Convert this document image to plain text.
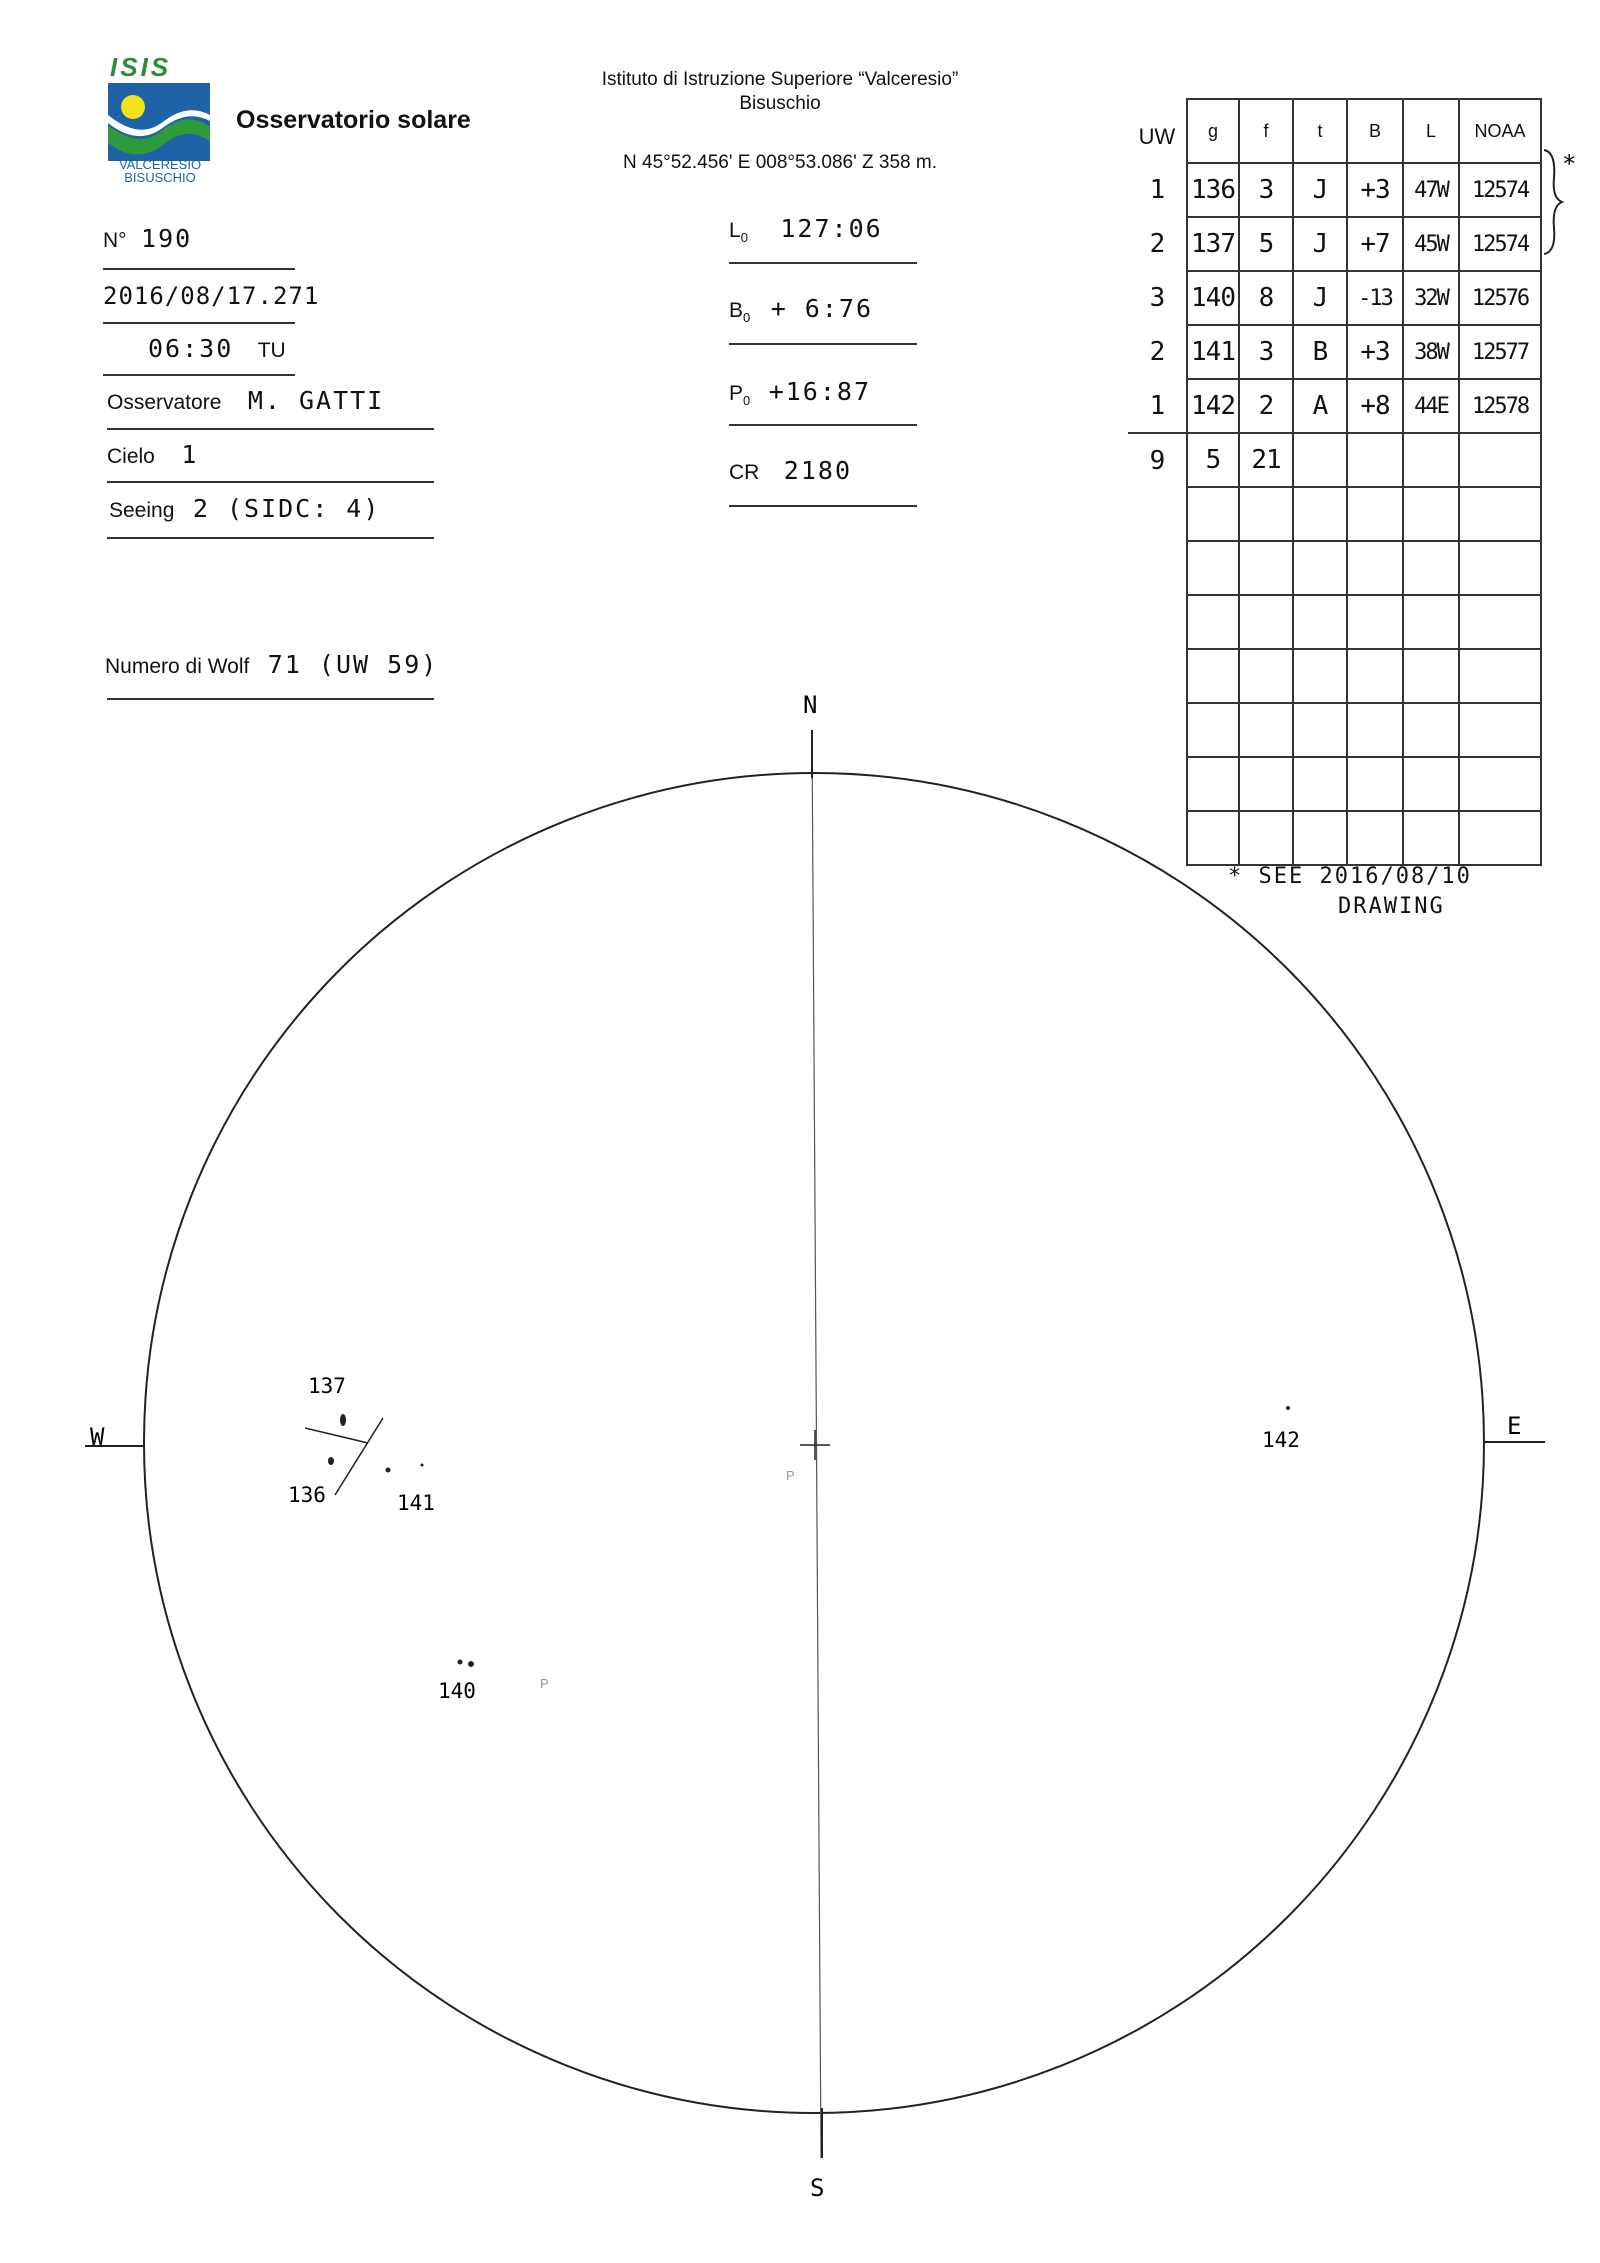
ISIS
VALCERESIO
BISUSCHIO
Osservatorio solare
Istituto di Istruzione Superiore “Valceresio”
Bisuschio
N 45°52.456' E 008°53.086' Z 358 m.
N° 190
2016/08/17.271
06:30 TU
Osservatore M. GATTI
Cielo 1
Seeing 2 (SIDC: 4)
Numero di Wolf 71 (UW 59)
$L_0$ 127:06
$B_0$ + 6:76
$P_0$ +16:87
CR 2180
UW	g	f	t	B	L	NOAA
1	136	3	J	+3	47W	12574
2	137	5	J	+7	45W	12574
3	140	8	J	-13	32W	12576
2	141	3	B	+3	38W	12577
1	142	2	A	+8	44E	12578
9	5	21				

*
* SEE 2016/08/10
DRAWING
N
S
W	E
137
136	141
140	P
P
142
